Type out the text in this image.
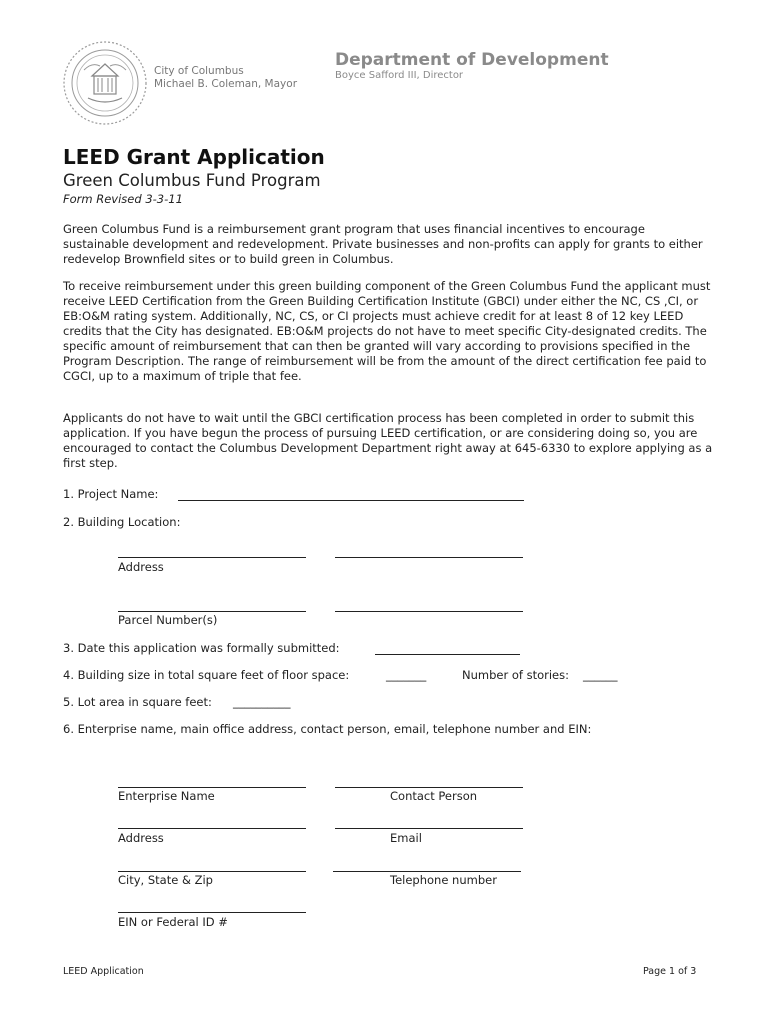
City of Columbus
Michael B. Coleman, Mayor
Department of Development
Boyce Safford III, Director
LEED Grant Application
Green Columbus Fund Program
Form Revised 3-3-11
Green Columbus Fund is a reimbursement grant program that uses financial incentives to encourage sustainable development and redevelopment. Private businesses and non-profits can apply for grants to either redevelop Brownfield sites or to build green in Columbus.
To receive reimbursement under this green building component of the Green Columbus Fund the applicant must receive LEED Certification from the Green Building Certification Institute (GBCI) under either the NC, CS ,CI, or EB:O&M rating system. Additionally, NC, CS, or CI projects must achieve credit for at least 8 of 12 key LEED credits that the City has designated. EB:O&M projects do not have to meet specific City-designated credits. The specific amount of reimbursement that can then be granted will vary according to provisions specified in the Program Description. The range of reimbursement will be from the amount of the direct certification fee paid to CGCI, up to a maximum of triple that fee.
Applicants do not have to wait until the GBCI certification process has been completed in order to submit this application. If you have begun the process of pursuing LEED certification, or are considering doing so, you are encouraged to contact the Columbus Development Department right away at 645-6330 to explore applying as a first step.
1. Project Name:
2. Building Location:
Address
Parcel Number(s)
3. Date this application was formally submitted:
4. Building size in total square feet of floor space:	_______	Number of stories: ______
5. Lot area in square feet: __________
6. Enterprise name, main office address, contact person, email, telephone number and EIN:
Enterprise Name	Contact Person
Address	Email
City, State & Zip	Telephone number
EIN or Federal ID #
LEED Application	Page 1 of 3
